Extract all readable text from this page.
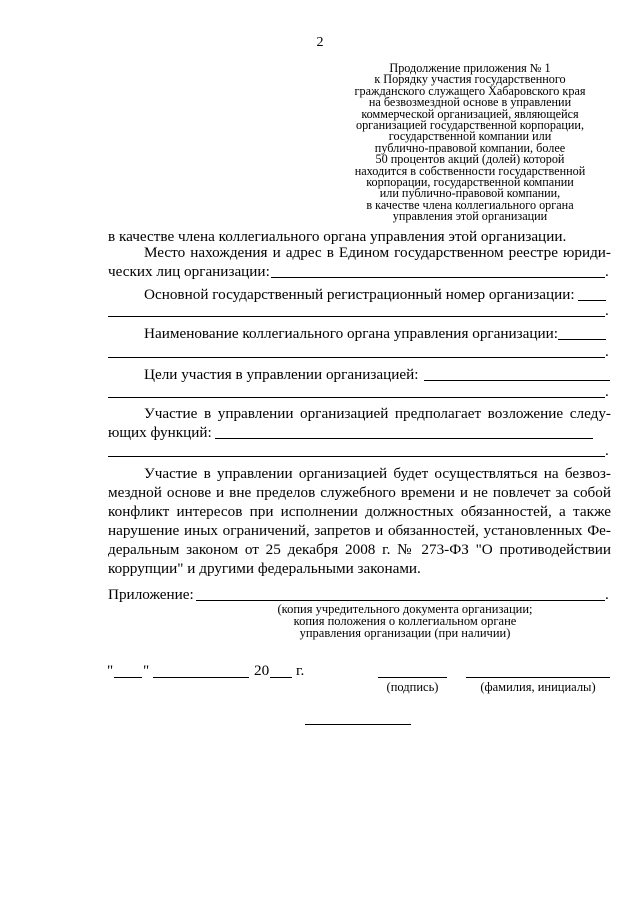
2
Продолжение приложения № 1
к Порядку участия государственного
гражданского служащего Хабаровского края
на безвозмездной основе в управлении
коммерческой организацией, являющейся
организацией государственной корпорации,
государственной компании или
публично-правовой компании, более
50 процентов акций (долей) которой
находится в собственности государственной
корпорации, государственной компании
или публично-правовой компании,
в качестве члена коллегиального органа
управления этой организации
в качестве члена коллегиального органа управления этой организации.
Место нахождения и адрес в Едином государственном реестре юриди-
ческих лиц организации:	.
Основной государственный регистрационный номер организации:
.
Наименование коллегиального органа управления организации:
.
Цели участия в управлении организацией:
.
Участие в управлении организацией предполагает возложение следу-
ющих функций:
.
Участие в управлении организацией будет осуществляться на безвоз-
мездной основе и вне пределов служебного времени и не повлечет за собой
конфликт интересов при исполнении должностных обязанностей, а также
нарушение иных ограничений, запретов и обязанностей, установленных Фе-
деральным законом от 25 декабря 2008 г. № 273-ФЗ "О противодействии
коррупции" и другими федеральными законами.
Приложение:	.
(копия учредительного документа организации;
копия положения о коллегиальном органе
управления организации (при наличии)
" "	20 г.
(подпись)	(фамилия, инициалы)
